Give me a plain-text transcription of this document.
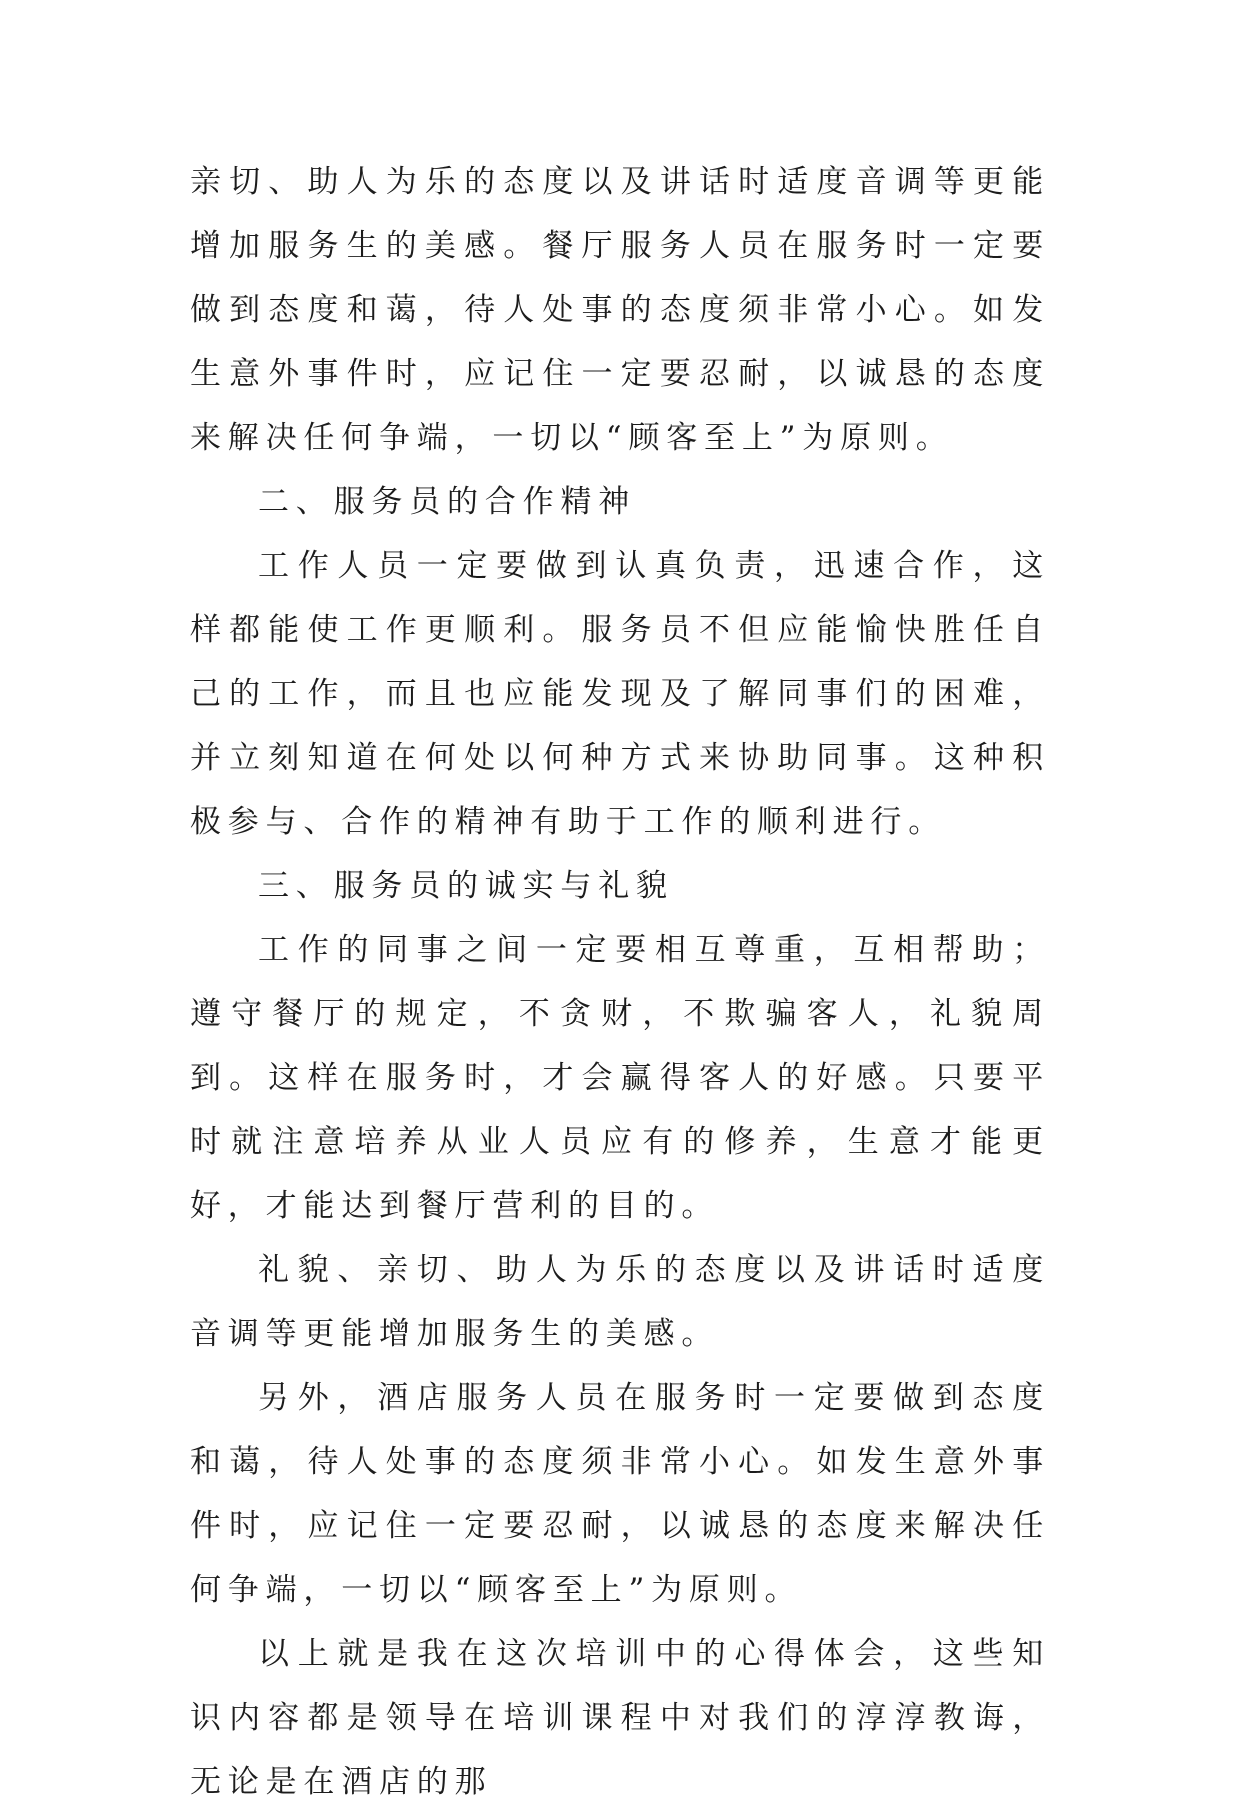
亲切、助人为乐的态度以及讲话时适度音调等更能增加服务生的美感。餐厅服务人员在服务时一定要做到态度和蔼，待人处事的态度须非常小心。如发生意外事件时，应记住一定要忍耐，以诚恳的态度来解决任何争端，一切以“顾客至上”为原则。

二、服务员的合作精神

工作人员一定要做到认真负责，迅速合作，这样都能使工作更顺利。服务员不但应能愉快胜任自己的工作，而且也应能发现及了解同事们的困难，并立刻知道在何处以何种方式来协助同事。这种积极参与、合作的精神有助于工作的顺利进行。

三、服务员的诚实与礼貌

工作的同事之间一定要相互尊重，互相帮助；遵守餐厅的规定，不贪财，不欺骗客人，礼貌周到。这样在服务时，才会赢得客人的好感。只要平时就注意培养从业人员应有的修养，生意才能更好，才能达到餐厅营利的目的。

礼貌、亲切、助人为乐的态度以及讲话时适度音调等更能增加服务生的美感。

另外，酒店服务人员在服务时一定要做到态度和蔼，待人处事的态度须非常小心。如发生意外事件时，应记住一定要忍耐，以诚恳的态度来解决任何争端，一切以“顾客至上”为原则。

以上就是我在这次培训中的心得体会，这些知识内容都是领导在培训课程中对我们的淳淳教诲，无论是在酒店的那
